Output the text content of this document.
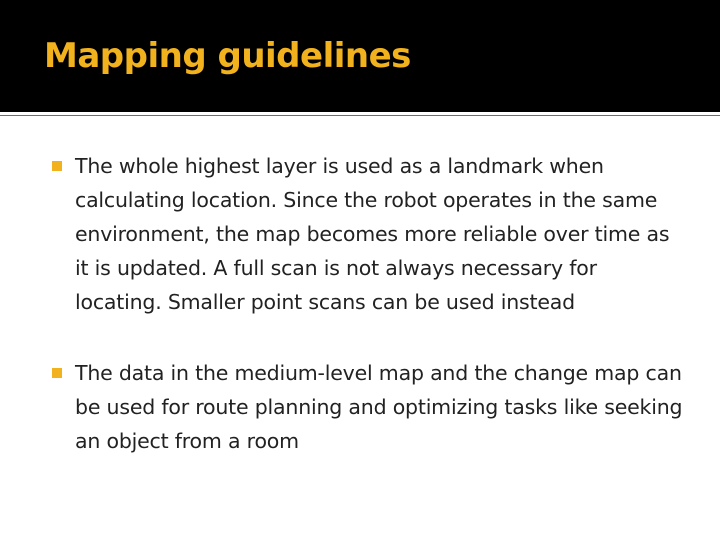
Mapping guidelines
The whole highest layer is used as a landmark when calculating location. Since the robot operates in the same environment, the map becomes more reliable over time as it is updated. A full scan is not always necessary for locating. Smaller point scans can be used instead
The data in the medium-level map and the change map can be used for route planning and optimizing tasks like seeking an object from a room
